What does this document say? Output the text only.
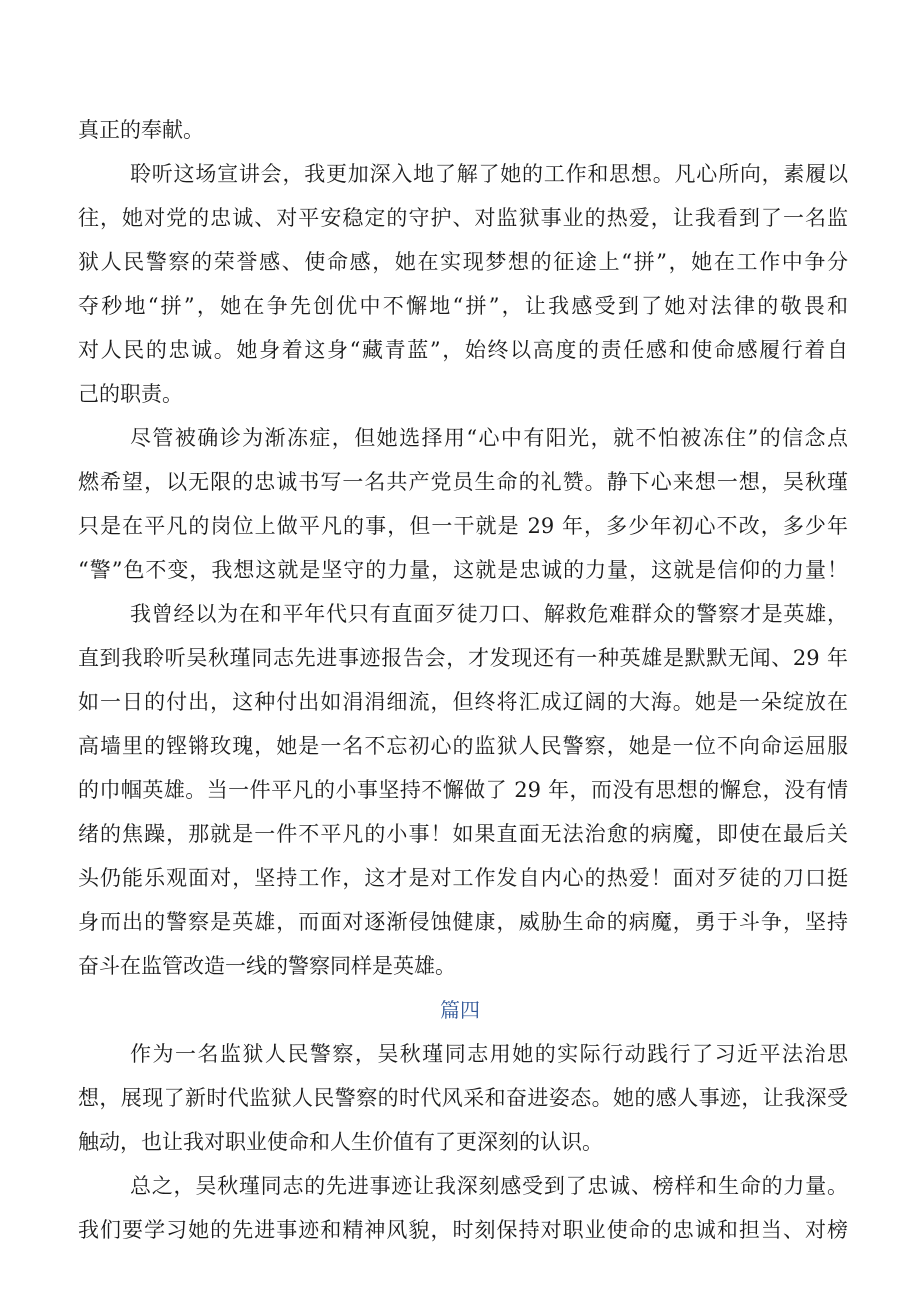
真正的奉献。
聆听这场宣讲会，我更加深入地了解了她的工作和思想。凡心所向，素履以
往，她对党的忠诚、对平安稳定的守护、对监狱事业的热爱，让我看到了一名监
狱人民警察的荣誉感、使命感，她在实现梦想的征途上“拼”，她在工作中争分
夺秒地“拼”，她在争先创优中不懈地“拼”，让我感受到了她对法律的敬畏和
对人民的忠诚。她身着这身“藏青蓝”，始终以高度的责任感和使命感履行着自
己的职责。
尽管被确诊为渐冻症，但她选择用“心中有阳光，就不怕被冻住”的信念点
燃希望，以无限的忠诚书写一名共产党员生命的礼赞。静下心来想一想，吴秋瑾
只是在平凡的岗位上做平凡的事，但一干就是 29 年，多少年初心不改，多少年
“警”色不变，我想这就是坚守的力量，这就是忠诚的力量，这就是信仰的力量！
我曾经以为在和平年代只有直面歹徒刀口、解救危难群众的警察才是英雄，
直到我聆听吴秋瑾同志先进事迹报告会，才发现还有一种英雄是默默无闻、29 年
如一日的付出，这种付出如涓涓细流，但终将汇成辽阔的大海。她是一朵绽放在
高墙里的铿锵玫瑰，她是一名不忘初心的监狱人民警察，她是一位不向命运屈服
的巾帼英雄。当一件平凡的小事坚持不懈做了 29 年，而没有思想的懈怠，没有情
绪的焦躁，那就是一件不平凡的小事！如果直面无法治愈的病魔，即使在最后关
头仍能乐观面对，坚持工作，这才是对工作发自内心的热爱！面对歹徒的刀口挺
身而出的警察是英雄，而面对逐渐侵蚀健康，威胁生命的病魔，勇于斗争，坚持
奋斗在监管改造一线的警察同样是英雄。
篇四
作为一名监狱人民警察，吴秋瑾同志用她的实际行动践行了习近平法治思
想，展现了新时代监狱人民警察的时代风采和奋进姿态。她的感人事迹，让我深受
触动，也让我对职业使命和人生价值有了更深刻的认识。
总之，吴秋瑾同志的先进事迹让我深刻感受到了忠诚、榜样和生命的力量。
我们要学习她的先进事迹和精神风貌，时刻保持对职业使命的忠诚和担当、对榜
